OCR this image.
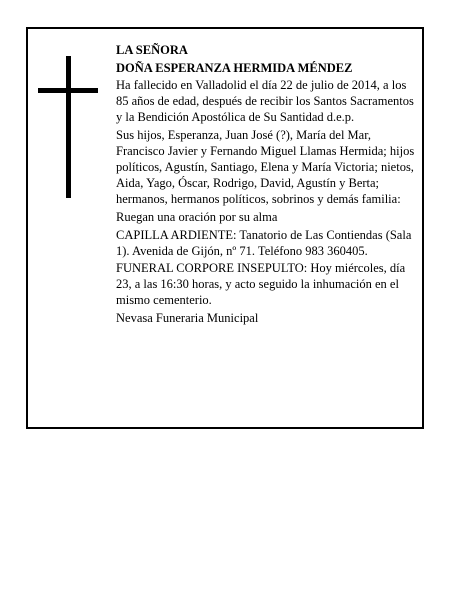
LA SEÑORA

DOÑA ESPERANZA HERMIDA MÉNDEZ

Ha fallecido en Valladolid el día 22 de julio de 2014, a los 85 años de edad, después de recibir los Santos Sacramentos y la Bendición Apostólica de Su Santidad d.e.p.

Sus hijos, Esperanza, Juan José (?), María del Mar, Francisco Javier y Fernando Miguel Llamas Hermida; hijos políticos, Agustín, Santiago, Elena y María Victoria; nietos, Aida, Yago, Óscar, Rodrigo, David, Agustín y Berta; hermanos, hermanos políticos, sobrinos y demás familia:

Ruegan una oración por su alma

CAPILLA ARDIENTE: Tanatorio de Las Contiendas (Sala 1). Avenida de Gijón, nº 71. Teléfono 983 360405.

FUNERAL CORPORE INSEPULTO: Hoy miércoles, día 23, a las 16:30 horas, y acto seguido la inhumación en el mismo cementerio.

Nevasa Funeraria Municipal
